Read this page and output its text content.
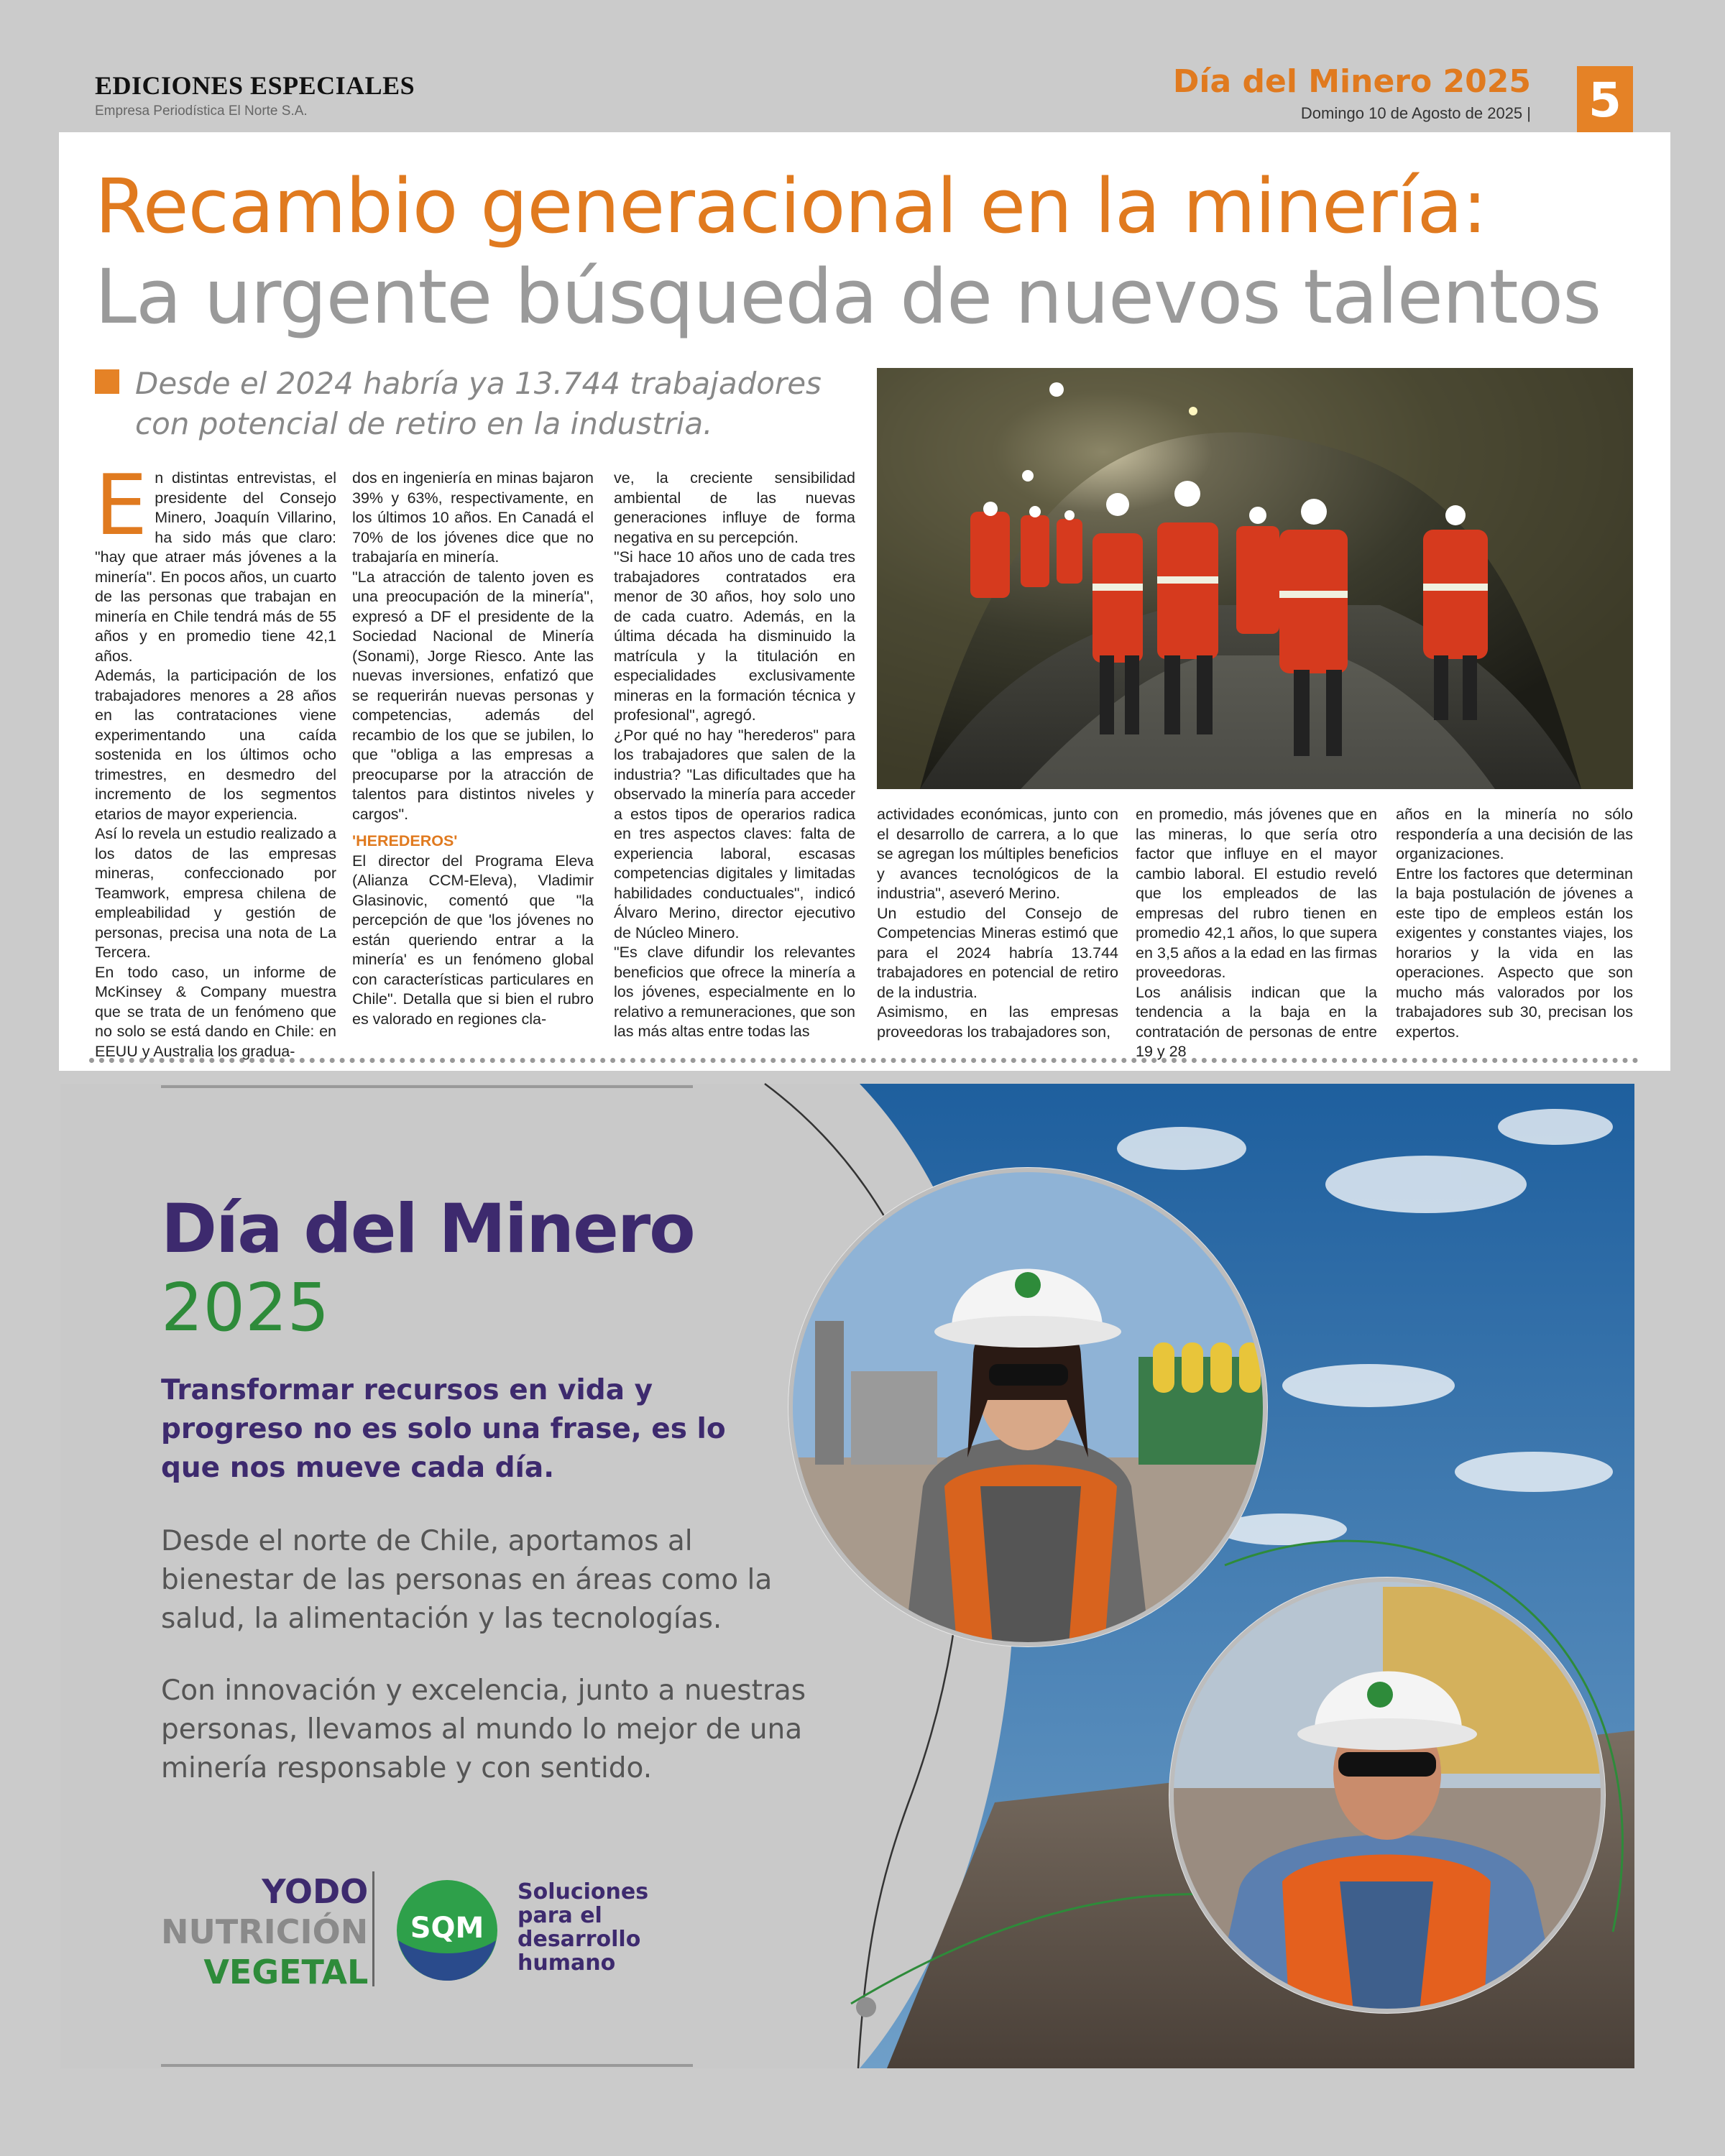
EDICIONES ESPECIALES
Empresa Periodística El Norte S.A.
Día del Minero 2025
Domingo 10 de Agosto de 2025 | 5
Recambio generacional en la minería:
La urgente búsqueda de nuevos talentos
Desde el 2024 habría ya 13.744 trabajadores con potencial de retiro en la industria.
E n distintas entrevistas, el presidente del Consejo Minero, Joaquín Villarino, ha sido más que claro: "hay que atraer más jóvenes a la minería". En pocos años, un cuarto de las personas que trabajan en minería en Chile tendrá más de 55 años y en promedio tiene 42,1 años.

Además, la participación de los trabajadores menores a 28 años en las contrataciones viene experimentando una caída sostenida en los últimos ocho trimestres, en desmedro del incremento de los segmentos etarios de mayor experiencia.

Así lo revela un estudio realizado a los datos de las empresas mineras, confeccionado por Teamwork, empresa chilena de empleabilidad y gestión de personas, precisa una nota de La Tercera.

En todo caso, un informe de McKinsey & Company muestra que se trata de un fenómeno que no solo se está dando en Chile: en EEUU y Australia los gradua-

dos en ingeniería en minas bajaron 39% y 63%, respectivamente, en los últimos 10 años. En Canadá el 70% de los jóvenes dice que no trabajaría en minería.

"La atracción de talento joven es una preocupación de la minería", expresó a DF el presidente de la Sociedad Nacional de Minería (Sonami), Jorge Riesco. Ante las nuevas inversiones, enfatizó que se requerirán nuevas personas y competencias, además del recambio de los que se jubilen, lo que "obliga a las empresas a preocuparse por la atracción de talentos para distintos niveles y cargos".

'HEREDEROS'

El director del Programa Eleva (Alianza CCM-Eleva), Vladimir Glasinovic, comentó que "la percepción de que 'los jóvenes no están queriendo entrar a la minería' es un fenómeno global con características particulares en Chile". Detalla que si bien el rubro es valorado en regiones cla-

ve, la creciente sensibilidad ambiental de las nuevas generaciones influye de forma negativa en su percepción.

"Si hace 10 años uno de cada tres trabajadores contratados era menor de 30 años, hoy solo uno de cada cuatro. Además, en la última década ha disminuido la matrícula y la titulación en especialidades exclusivamente mineras en la formación técnica y profesional", agregó.

¿Por qué no hay "herederos" para los trabajadores que salen de la industria? "Las dificultades que ha observado la minería para acceder a estos tipos de operarios radica en tres aspectos claves: falta de experiencia laboral, escasas competencias digitales y limitadas habilidades conductuales", indicó Álvaro Merino, director ejecutivo de Núcleo Minero.

"Es clave difundir los relevantes beneficios que ofrece la minería a los jóvenes, especialmente en lo relativo a remuneraciones, que son las más altas entre todas las

actividades económicas, junto con el desarrollo de carrera, a lo que se agregan los múltiples beneficios y avances tecnológicos de la industria", aseveró Merino.

Un estudio del Consejo de Competencias Mineras estimó que para el 2024 habría 13.744 trabajadores en potencial de retiro de la industria.

Asimismo, en las empresas proveedoras los trabajadores son,

en promedio, más jóvenes que en las mineras, lo que sería otro factor que influye en el mayor cambio laboral. El estudio reveló que los empleados de las empresas del rubro tienen en promedio 42,1 años, lo que supera en 3,5 años a la edad en las firmas proveedoras.

Los análisis indican que la tendencia a la baja en la contratación de personas de entre 19 y 28

años en la minería no sólo respondería a una decisión de las organizaciones.

Entre los factores que determinan la baja postulación de jóvenes a este tipo de empleos están los exigentes y constantes viajes, los horarios y la vida en las operaciones. Aspecto que son mucho más valorados por los trabajadores sub 30, precisan los expertos.

Día del Minero
2025
Transformar recursos en vida y progreso no es solo una frase, es lo que nos mueve cada día.
Desde el norte de Chile, aportamos al bienestar de las personas en áreas como la salud, la alimentación y las tecnologías.
Con innovación y excelencia, junto a nuestras personas, llevamos al mundo lo mejor de una minería responsable y con sentido.
YODO
NUTRICIÓN
VEGETAL
SQM
Soluciones
para el
desarrollo
humano
